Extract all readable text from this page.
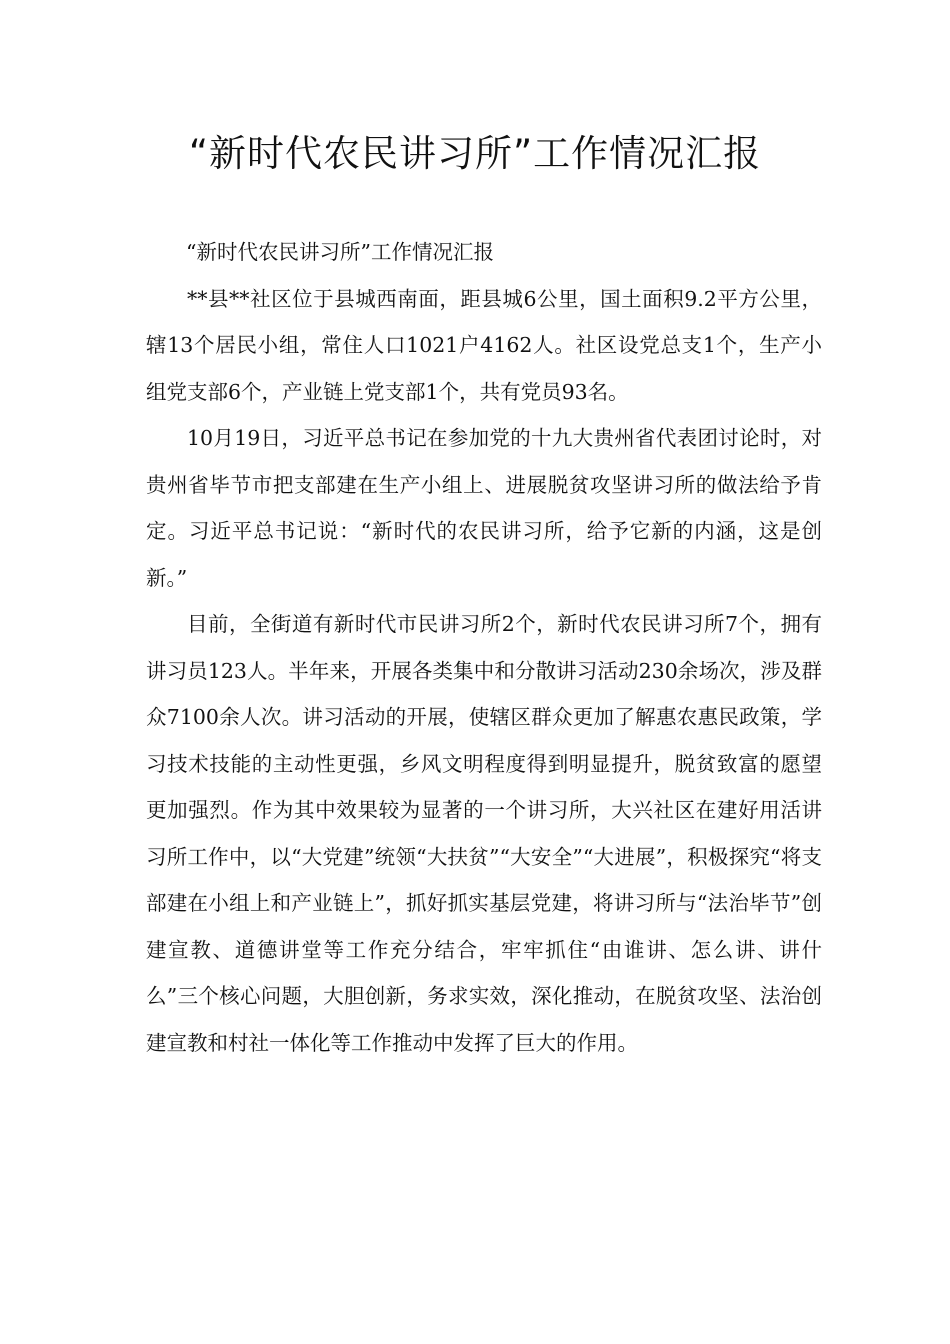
“新时代农民讲习所”工作情况汇报

“新时代农民讲习所”工作情况汇报

**县**社区位于县城西南面，距县城6公里，国土面积9.2平方公里，辖13个居民小组，常住人口1021户4162人。社区设党总支1个，生产小组党支部6个，产业链上党支部1个，共有党员93名。

10月19日，习近平总书记在参加党的十九大贵州省代表团讨论时，对贵州省毕节市把支部建在生产小组上、进展脱贫攻坚讲习所的做法给予肯定。习近平总书记说：“新时代的农民讲习所，给予它新的内涵，这是创新。”

目前，全街道有新时代市民讲习所2个，新时代农民讲习所7个，拥有讲习员123人。半年来，开展各类集中和分散讲习活动230余场次，涉及群众7100余人次。讲习活动的开展，使辖区群众更加了解惠农惠民政策，学习技术技能的主动性更强，乡风文明程度得到明显提升，脱贫致富的愿望更加强烈。作为其中效果较为显著的一个讲习所，大兴社区在建好用活讲习所工作中，以“大党建”统领“大扶贫”“大安全”“大进展”，积极探究“将支部建在小组上和产业链上”，抓好抓实基层党建，将讲习所与“法治毕节”创建宣教、道德讲堂等工作充分结合，牢牢抓住“由谁讲、怎么讲、讲什么”三个核心问题，大胆创新，务求实效，深化推动，在脱贫攻坚、法治创建宣教和村社一体化等工作推动中发挥了巨大的作用。
